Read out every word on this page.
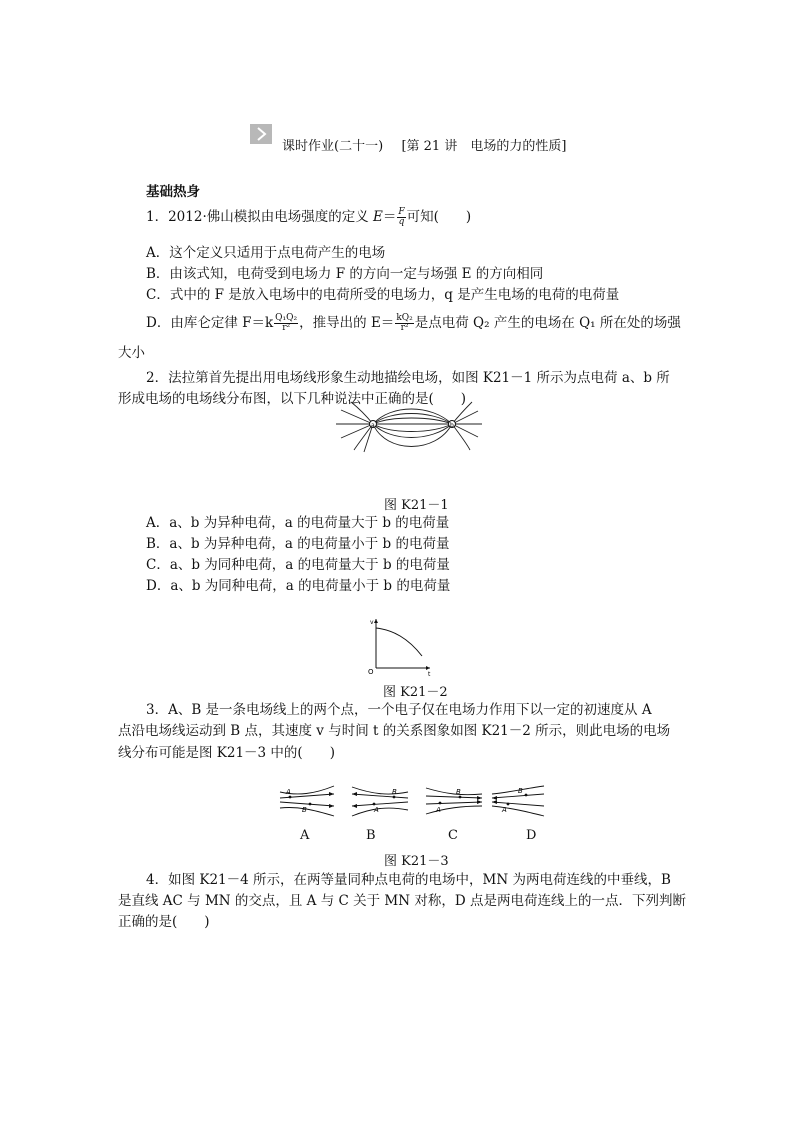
课时作业(二十一) [第 21 讲　电场的力的性质]
基础热身
1．2012·佛山模拟由电场强度的定义 $E= \frac{F}{q}$ 可知(　　)
A．这个定义只适用于点电荷产生的电场
B．由该式知，电荷受到电场力 F 的方向一定与场强 E 的方向相同
C．式中的 F 是放入电场中的电荷所受的电场力，q 是产生电场的电荷的电荷量
D．由库仑定律 $F=k \frac{\text{Q₁Q₂}}{\text{r²}}$ ，推导出的 $E= \frac{\text{kQ₂}}{\text{r²}}$ 是点电荷 Q₂ 产生的电场在 Q₁ 所在处的场强
大小
2．法拉第首先提出用电场线形象生动地描绘电场，如图 K21－1 所示为点电荷 a、b 所
形成电场的电场线分布图，以下几种说法中正确的是(　　)
a	b
图 K21－1
A．a、b 为异种电荷，a 的电荷量大于 b 的电荷量
B．a、b 为异种电荷，a 的电荷量小于 b 的电荷量
C．a、b 为同种电荷，a 的电荷量大于 b 的电荷量
D．a、b 为同种电荷，a 的电荷量小于 b 的电荷量
v
t
O
图 K21－2
3．A、B 是一条电场线上的两个点，一个电子仅在电场力作用下以一定的初速度从 A
点沿电场线运动到 B 点，其速度 v 与时间 t 的关系图象如图 K21－2 所示，则此电场的电场
线分布可能是图 K21－3 中的(　　)
A
B
B
A	A
B	B
A
A	B	C	D
图 K21－3
4．如图 K21－4 所示，在两等量同种点电荷的电场中，MN 为两电荷连线的中垂线，B
是直线 AC 与 MN 的交点，且 A 与 C 关于 MN 对称，D 点是两电荷连线上的一点．下列判断
正确的是(　　)
